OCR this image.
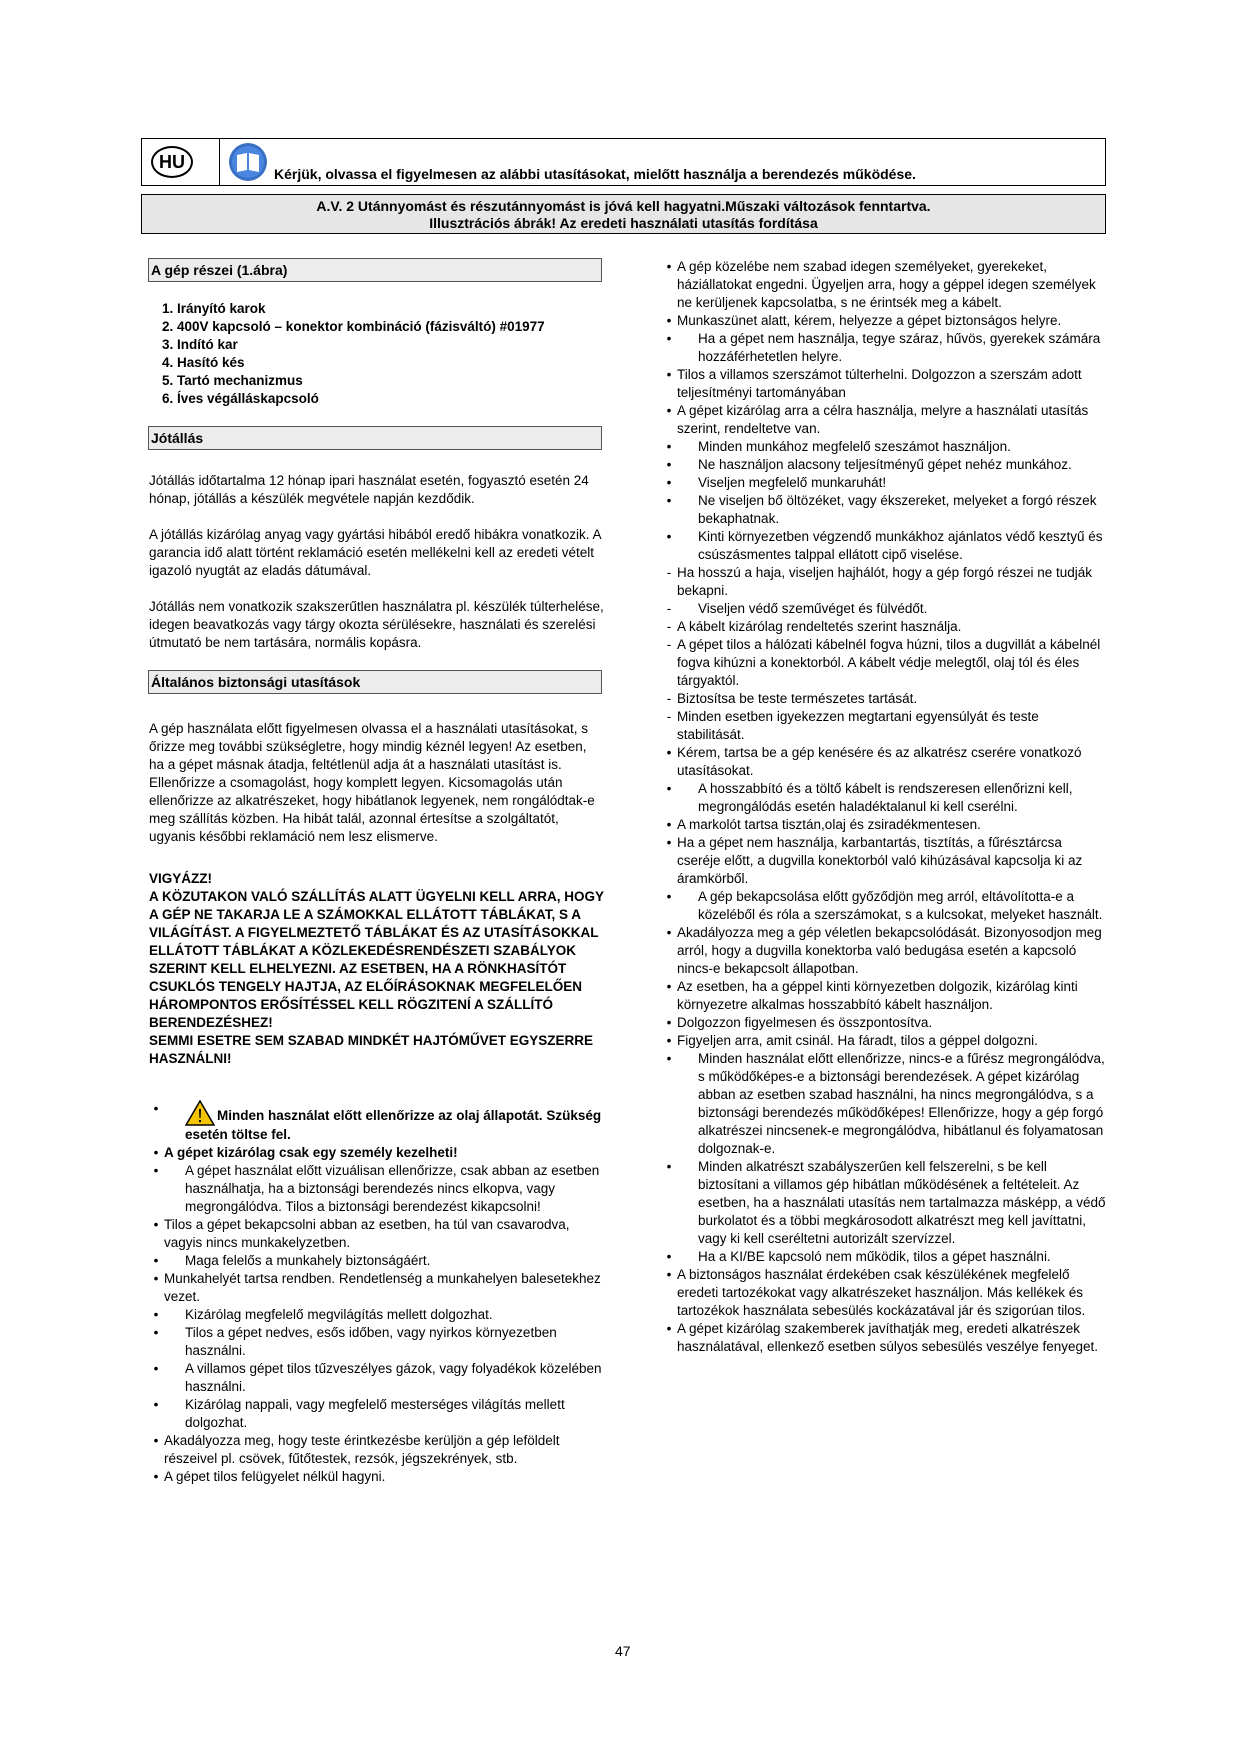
HU
Kérjük, olvassa el figyelmesen az alábbi utasításokat, mielőtt használja a berendezés működése.
A.V. 2 Utánnyomást és részutánnyomást is jóvá kell hagyatni.Műszaki változások fenntartva.
Illusztrációs ábrák! Az eredeti használati utasítás fordítása
A gép részei (1.ábra)
1. Irányító karok
2. 400V kapcsoló – konektor kombináció (fázisváltó) #01977
3. Indító kar
4. Hasító kés
5. Tartó mechanizmus
6. Íves végálláskapcsoló
Jótállás

Jótállás időtartalma 12 hónap ipari használat esetén, fogyasztó esetén 24 hónap, jótállás a készülék megvétele napján kezdődik.

A jótállás kizárólag anyag vagy gyártási hibából eredő hibákra vonatkozik. A garancia idő alatt történt reklamáció esetén mellékelni kell az eredeti vételt igazoló nyugtát az eladás dátumával.

Jótállás nem vonatkozik szakszerűtlen használatra pl. készülék túlterhelése, idegen beavatkozás vagy tárgy okozta sérülésekre, használati és szerelési útmutató be nem tartására, normális kopásra.

Általános biztonsági utasítások

A gép használata előtt figyelmesen olvassa el a használati utasításokat, s őrizze meg további szükségletre, hogy mindig kéznél legyen! Az esetben, ha a gépet másnak átadja, feltétlenül adja át a használati utasítást is. Ellenőrizze a csomagolást, hogy komplett legyen. Kicsomagolás után ellenőrizze az alkatrészeket, hogy hibátlanok legyenek, nem rongálódtak-e meg szállítás közben. Ha hibát talál, azonnal értesítse a szolgáltatót, ugyanis későbbi reklamáció nem lesz elismerve.

VIGYÁZZ!
A KÖZUTAKON VALÓ SZÁLLÍTÁS ALATT ÜGYELNI KELL ARRA, HOGY A GÉP NE TAKARJA LE A SZÁMOKKAL ELLÁTOTT TÁBLÁKAT, S A VILÁGÍTÁST. A FIGYELMEZTETŐ TÁBLÁKAT ÉS AZ UTASÍTÁSOKKAL ELLÁTOTT TÁBLÁKAT A KÖZLEKEDÉSRENDÉSZETI SZABÁLYOK SZERINT KELL ELHELYEZNI. AZ ESETBEN, HA A RÖNKHASÍTÓT CSUKLÓS TENGELY HAJTJA, AZ ELŐÍRÁSOKNAK MEGFELELŐEN HÁROMPONTOS ERŐSÍTÉSSEL KELL RÖGZITENÍ A SZÁLLÍTÓ BERENDEZÉSHEZ!
SEMMI ESETRE SEM SZABAD MINDKÉT HAJTÓMŰVET EGYSZERRE HASZNÁLNI!
•	Minden használat előtt ellenőrizze az olaj állapotát. Szükség esetén töltse fel.
• A gépet kizárólag csak egy személy kezelheti!
•	A gépet használat előtt vizuálisan ellenőrizze, csak abban az esetben használhatja, ha a biztonsági berendezés nincs elkopva, vagy megrongálódva. Tilos a biztonsági berendezést kikapcsolni!
• Tilos a gépet bekapcsolni abban az esetben, ha túl van csavarodva, vagyis nincs munkakelyzetben.
•	Maga felelős a munkahely biztonságáért.
• Munkahelyét tartsa rendben. Rendetlenség a munkahelyen balesetekhez vezet.
•	Kizárólag megfelelő megvilágítás mellett dolgozhat.
•	Tilos a gépet nedves, esős időben, vagy nyirkos környezetben használni.
•	A villamos gépet tilos tűzveszélyes gázok, vagy folyadékok közelében használni.
•	Kizárólag nappali, vagy megfelelő mesterséges világítás mellett dolgozhat.
• Akadályozza meg, hogy teste érintkezésbe kerüljön a gép leföldelt részeivel pl. csövek, fűtőtestek, rezsók, jégszekrények, stb.
• A gépet tilos felügyelet nélkül hagyni.
• A gép közelébe nem szabad idegen személyeket, gyerekeket, háziállatokat engedni. Ügyeljen arra, hogy a géppel idegen személyek ne kerüljenek kapcsolatba, s ne érintsék meg a kábelt.
• Munkaszünet alatt, kérem, helyezze a gépet biztonságos helyre.
•	Ha a gépet nem használja, tegye száraz, hűvös, gyerekek számára hozzáférhetetlen helyre.
• Tilos a villamos szerszámot túlterhelni. Dolgozzon a szerszám adott teljesítményi tartományában
• A gépet kizárólag arra a célra használja, melyre a használati utasítás szerint, rendeltetve van.
•	Minden munkához megfelelő szeszámot használjon.
•	Ne használjon alacsony teljesítményű gépet nehéz munkához.
•	Viseljen megfelelő munkaruhát!
•	Ne viseljen bő öltözéket, vagy ékszereket, melyeket a forgó részek bekaphatnak.
•	Kinti környezetben végzendő munkákhoz ajánlatos védő kesztyű és csúszásmentes talppal ellátott cipő viselése.
- Ha hosszú a haja, viseljen hajhálót, hogy a gép forgó részei ne tudják bekapni.
-	Viseljen védő szeművéget és fülvédőt.
- A kábelt kizárólag rendeltetés szerint használja.
- A gépet tilos a hálózati kábelnél fogva húzni, tilos a dugvillát a kábelnél fogva kihúzni a konektorból. A kábelt védje melegtől, olaj tól és éles tárgyaktól.
- Biztosítsa be teste természetes tartását.
- Minden esetben igyekezzen megtartani egyensúlyát és teste stabilitását.
• Kérem, tartsa be a gép kenésére és az alkatrész cserére vonatkozó utasításokat.
•	A hosszabbító és a töltő kábelt is rendszeresen ellenőrizni kell, megrongálódás esetén haladéktalanul ki kell cserélni.
• A markolót tartsa tisztán,olaj és zsiradékmentesen.
• Ha a gépet nem használja, karbantartás, tisztítás, a fűrésztárcsa cseréje előtt, a dugvilla konektorból való kihúzásával kapcsolja ki az áramkörből.
•	A gép bekapcsolása előtt győződjön meg arról, eltávolította-e a közeléből és róla a szerszámokat, s a kulcsokat, melyeket használt.
• Akadályozza meg a gép véletlen bekapcsolódását. Bizonyosodjon meg arról, hogy a dugvilla konektorba való bedugása esetén a kapcsoló nincs-e bekapcsolt állapotban.
• Az esetben, ha a géppel kinti környezetben dolgozik, kizárólag kinti környezetre alkalmas hosszabbító kábelt használjon.
• Dolgozzon figyelmesen és összpontosítva.
• Figyeljen arra, amit csinál. Ha fáradt, tilos a géppel dolgozni.
•	Minden használat előtt ellenőrizze, nincs-e a fűrész megrongálódva, s működőképes-e a biztonsági berendezések. A gépet kizárólag abban az esetben szabad használni, ha nincs megrongálódva, s a biztonsági berendezés működőképes! Ellenőrizze, hogy a gép forgó alkatrészei nincsenek-e megrongálódva, hibátlanul és folyamatosan dolgoznak-e.
•	Minden alkatrészt szabályszerűen kell felszerelni, s be kell biztosítani a villamos gép hibátlan működésének a feltételeit. Az esetben, ha a használati utasítás nem tartalmazza másképp, a védő burkolatot és a többi megkárosodott alkatrészt meg kell javíttatni, vagy ki kell cseréltetni autorizált szervízzel.
•	Ha a KI/BE kapcsoló nem működik, tilos a gépet használni.
• A biztonságos használat érdekében csak készülékének megfelelő eredeti tartozékokat vagy alkatrészeket használjon. Más kellékek és tartozékok használata sebesülés kockázatával jár és szigorúan tilos.
• A gépet kizárólag szakemberek javíthatják meg, eredeti alkatrészek használatával, ellenkező esetben súlyos sebesülés veszélye fenyeget.
47
